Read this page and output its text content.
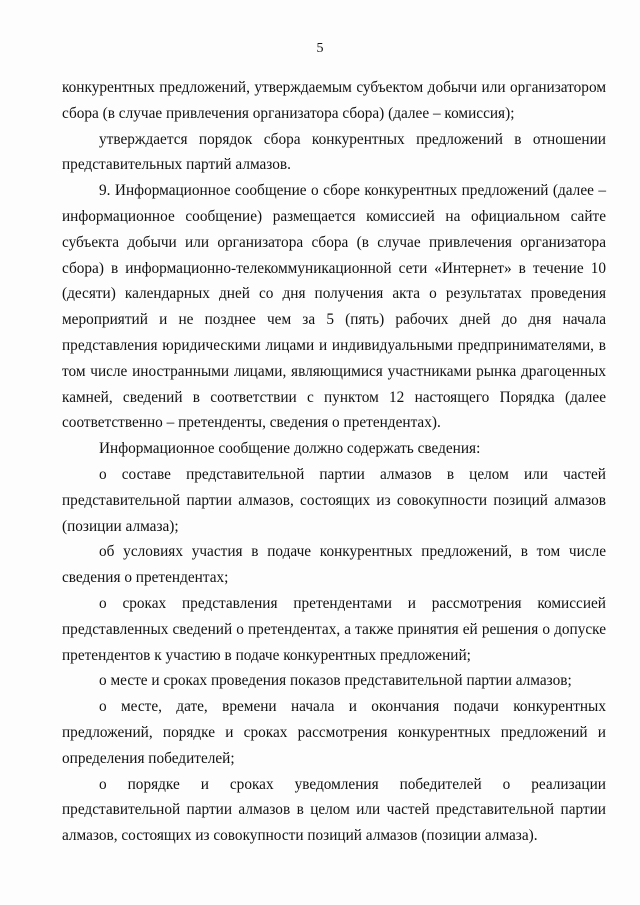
5

конкурентных предложений, утверждаемым субъектом добычи или организатором сбора (в случае привлечения организатора сбора) (далее – комиссия);

утверждается порядок сбора конкурентных предложений в отношении представительных партий алмазов.

9. Информационное сообщение о сборе конкурентных предложений (далее – информационное сообщение) размещается комиссией на официальном сайте субъекта добычи или организатора сбора (в случае привлечения организатора сбора) в информационно-телекоммуникационной сети «Интернет» в течение 10 (десяти) календарных дней со дня получения акта о результатах проведения мероприятий и не позднее чем за 5 (пять) рабочих дней до дня начала представления юридическими лицами и индивидуальными предпринимателями, в том числе иностранными лицами, являющимися участниками рынка драгоценных камней, сведений в соответствии с пунктом 12 настоящего Порядка (далее соответственно – претенденты, сведения о претендентах).

Информационное сообщение должно содержать сведения:

о составе представительной партии алмазов в целом или частей представительной партии алмазов, состоящих из совокупности позиций алмазов (позиции алмаза);

об условиях участия в подаче конкурентных предложений, в том числе сведения о претендентах;

о сроках представления претендентами и рассмотрения комиссией представленных сведений о претендентах, а также принятия ей решения о допуске претендентов к участию в подаче конкурентных предложений;

о месте и сроках проведения показов представительной партии алмазов;

о месте, дате, времени начала и окончания подачи конкурентных предложений, порядке и сроках рассмотрения конкурентных предложений и определения победителей;

о порядке и сроках уведомления победителей о реализации представительной партии алмазов в целом или частей представительной партии алмазов, состоящих из совокупности позиций алмазов (позиции алмаза).
